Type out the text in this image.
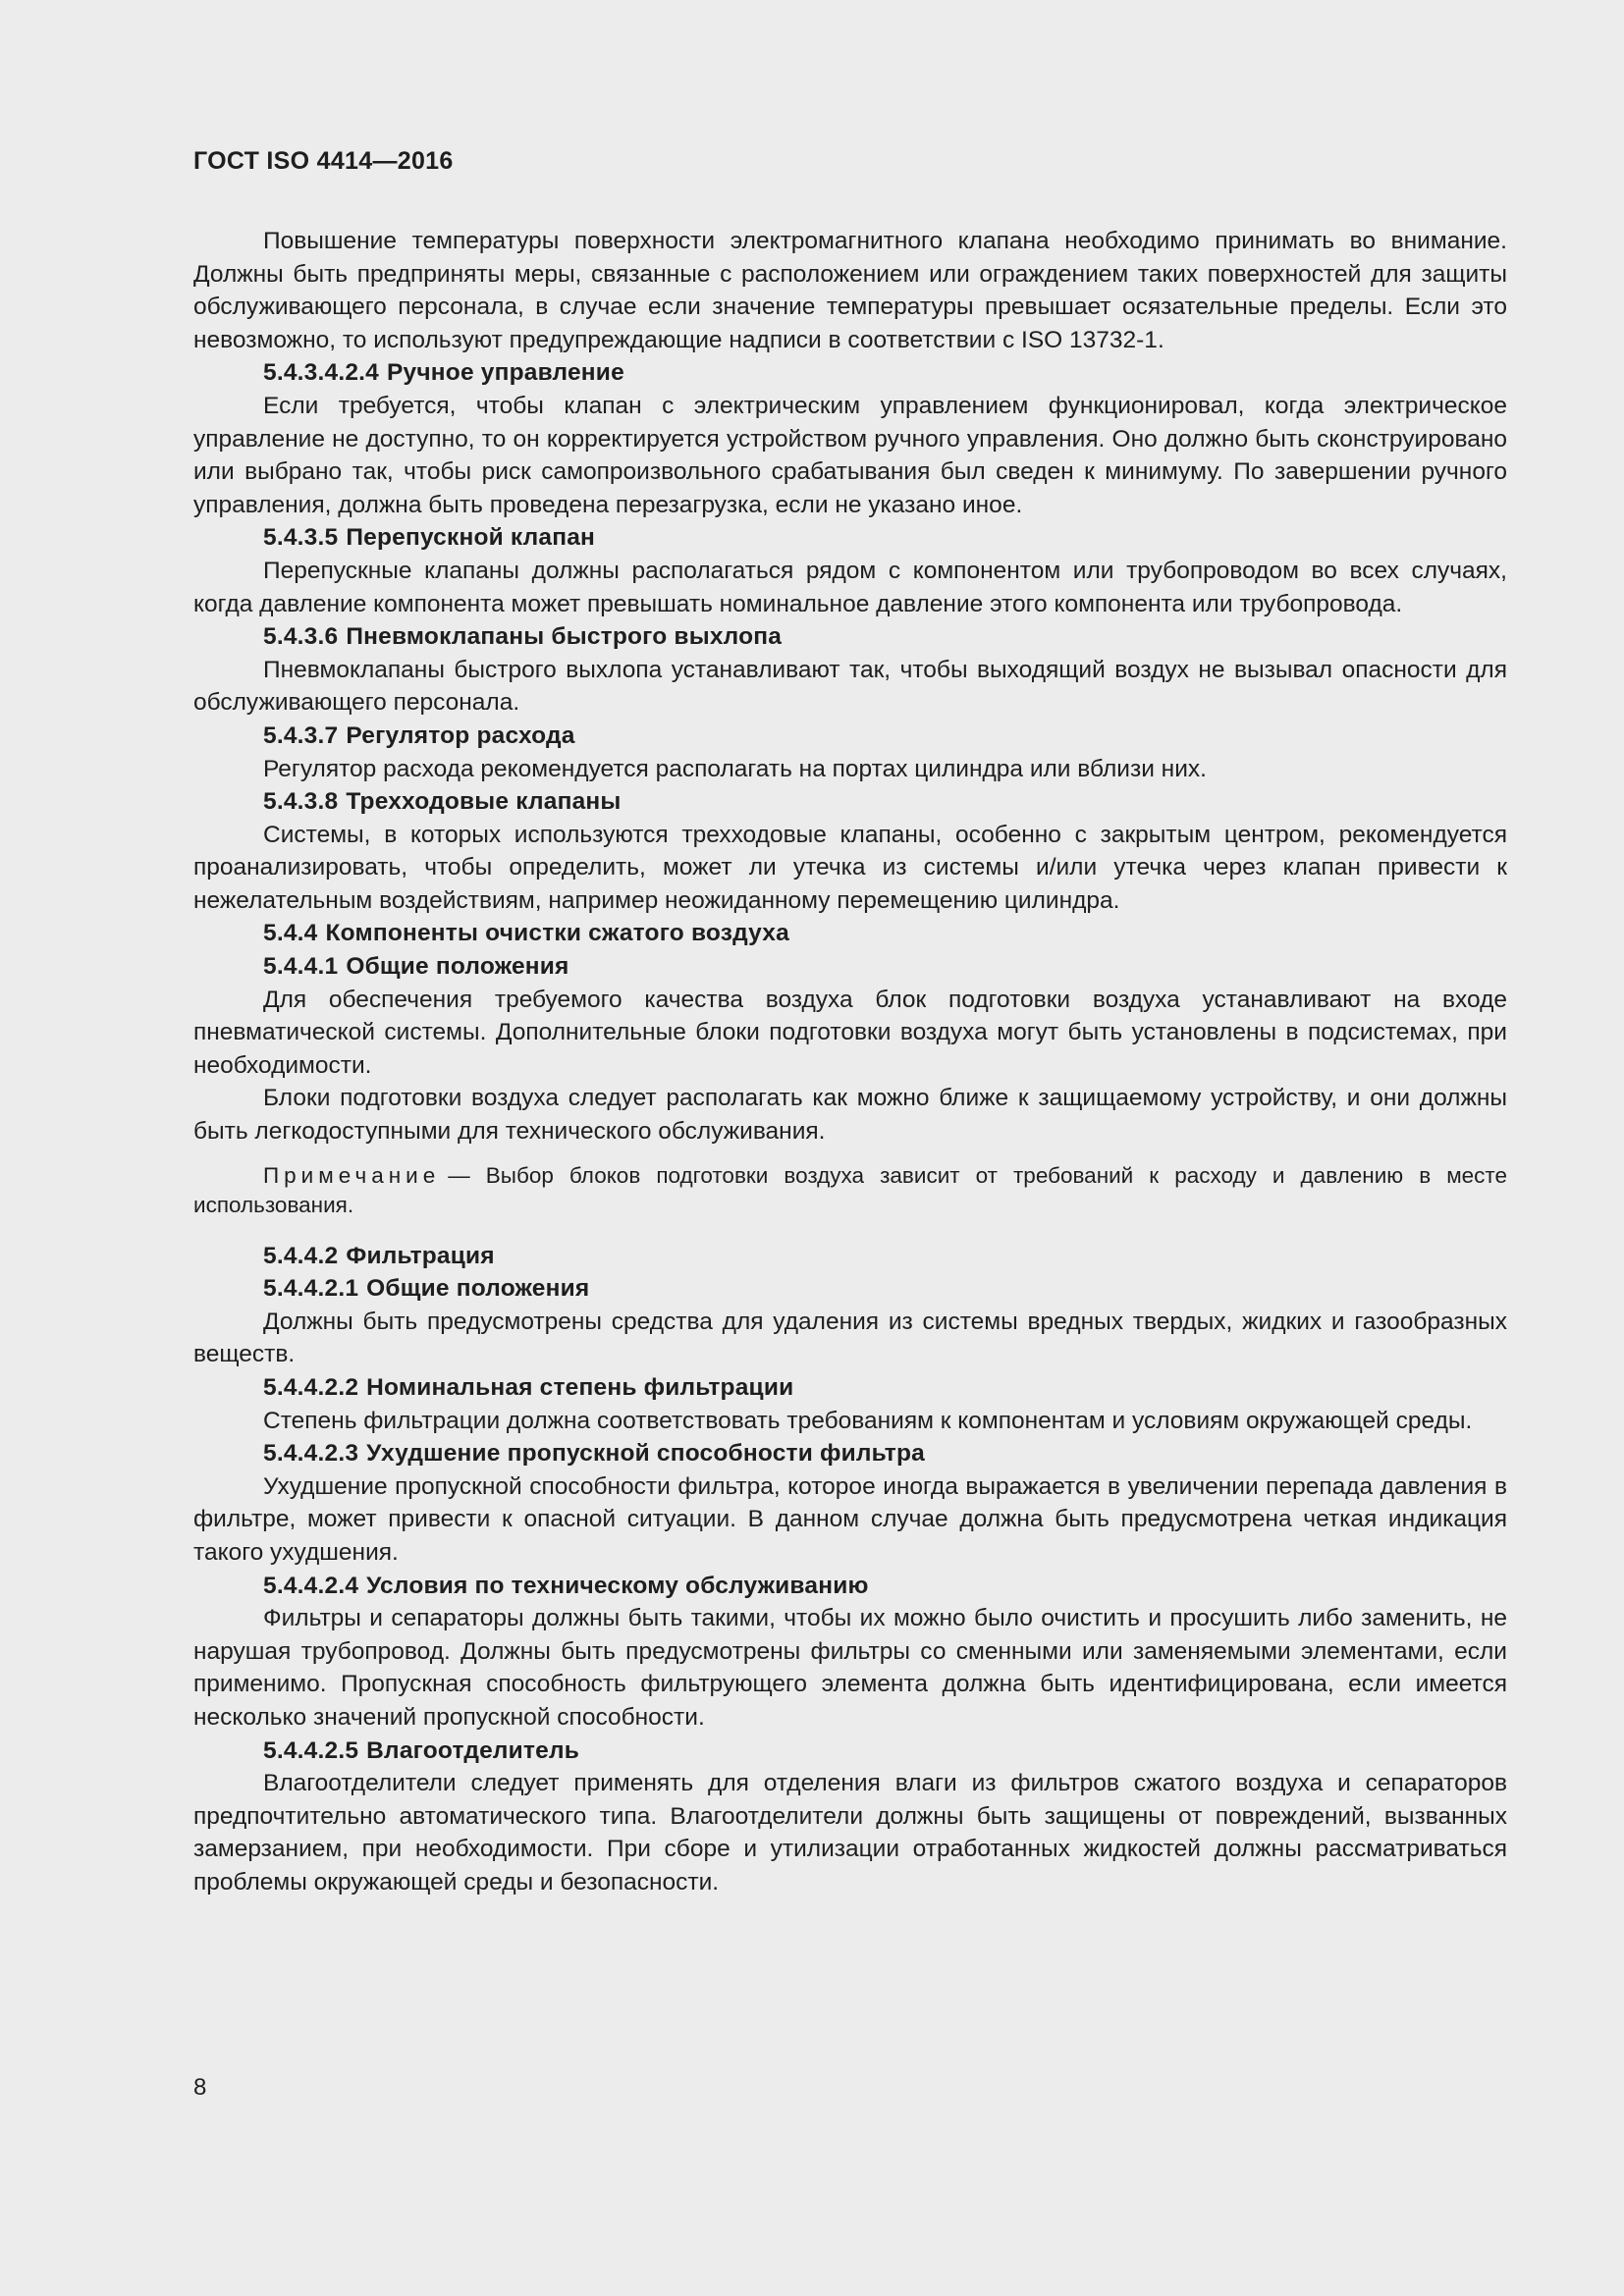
ГОСТ ISO 4414—2016

Повышение температуры поверхности электромагнитного клапана необходимо принимать во внимание. Должны быть предприняты меры, связанные с расположением или ограждением таких поверхностей для защиты обслуживающего персонала, в случае если значение температуры превышает осязательные пределы. Если это невозможно, то используют предупреждающие надписи в соответствии с ISO 13732-1.

5.4.3.4.2.4 Ручное управление

Если требуется, чтобы клапан с электрическим управлением функционировал, когда электрическое управление не доступно, то он корректируется устройством ручного управления. Оно должно быть сконструировано или выбрано так, чтобы риск самопроизвольного срабатывания был сведен к минимуму. По завершении ручного управления, должна быть проведена перезагрузка, если не указано иное.

5.4.3.5 Перепускной клапан

Перепускные клапаны должны располагаться рядом с компонентом или трубопроводом во всех случаях, когда давление компонента может превышать номинальное давление этого компонента или трубопровода.

5.4.3.6 Пневмоклапаны быстрого выхлопа

Пневмоклапаны быстрого выхлопа устанавливают так, чтобы выходящий воздух не вызывал опасности для обслуживающего персонала.

5.4.3.7 Регулятор расхода

Регулятор расхода рекомендуется располагать на портах цилиндра или вблизи них.

5.4.3.8 Трехходовые клапаны

Системы, в которых используются трехходовые клапаны, особенно с закрытым центром, рекомендуется проанализировать, чтобы определить, может ли утечка из системы и/или утечка через клапан привести к нежелательным воздействиям, например неожиданному перемещению цилиндра.

5.4.4 Компоненты очистки сжатого воздуха

5.4.4.1 Общие положения

Для обеспечения требуемого качества воздуха блок подготовки воздуха устанавливают на входе пневматической системы. Дополнительные блоки подготовки воздуха могут быть установлены в подсистемах, при необходимости.

Блоки подготовки воздуха следует располагать как можно ближе к защищаемому устройству, и они должны быть легкодоступными для технического обслуживания.

Примечание — Выбор блоков подготовки воздуха зависит от требований к расходу и давлению в месте использования.

5.4.4.2 Фильтрация

5.4.4.2.1 Общие положения

Должны быть предусмотрены средства для удаления из системы вредных твердых, жидких и газообразных веществ.

5.4.4.2.2 Номинальная степень фильтрации

Степень фильтрации должна соответствовать требованиям к компонентам и условиям окружающей среды.

5.4.4.2.3 Ухудшение пропускной способности фильтра

Ухудшение пропускной способности фильтра, которое иногда выражается в увеличении перепада давления в фильтре, может привести к опасной ситуации. В данном случае должна быть предусмотрена четкая индикация такого ухудшения.

5.4.4.2.4 Условия по техническому обслуживанию

Фильтры и сепараторы должны быть такими, чтобы их можно было очистить и просушить либо заменить, не нарушая трубопровод. Должны быть предусмотрены фильтры со сменными или заменяемыми элементами, если применимо. Пропускная способность фильтрующего элемента должна быть идентифицирована, если имеется несколько значений пропускной способности.

5.4.4.2.5 Влагоотделитель

Влагоотделители следует применять для отделения влаги из фильтров сжатого воздуха и сепараторов предпочтительно автоматического типа. Влагоотделители должны быть защищены от повреждений, вызванных замерзанием, при необходимости. При сборе и утилизации отработанных жидкостей должны рассматриваться проблемы окружающей среды и безопасности.

8
